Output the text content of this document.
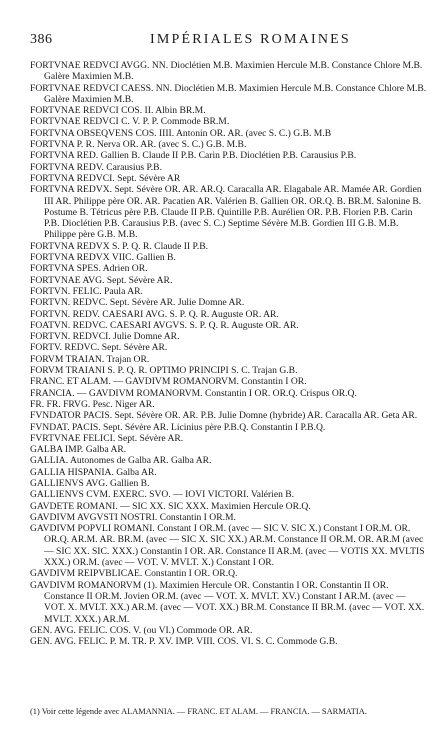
386	IMPÉRIALES ROMAINES
FORTVNAE REDVCI AVGG. NN. Dioclétien M.B. Maximien Hercule M.B. Constance Chlore M.B. Galère Maximien M.B.
FORTVNAE REDVCI CAESS. NN. Dioclétien M.B. Maximien Hercule M.B. Constance Chlore M.B. Galère Maximien M.B.
FORTVNAE REDVCI COS. II. Albin BR.M.
FORTVNAE REDVCI C. V. P. P. Commode BR.M.
FORTVNA OBSEQVENS COS. IIII. Antonin OR. AR. (avec S. C.) G.B. M.B
FORTVNA P. R. Nerva OR. AR. (avec S. C.) G.B. M.B.
FORTVNA RED. Gallien B. Claude II P.B. Carin P.B. Dioclétien P.B. Carausius P.B.
FORTVNA REDV. Carausius P.B.
FORTVNA REDVCI. Sept. Sévère AR
FORTVNA REDVX. Sept. Sévère OR. AR. AR.Q. Caracalla AR. Elagabale AR. Mamée AR. Gordien III AR. Philippe père OR. AR. Pacatien AR. Valérien B. Gallien OR. OR.Q. B. BR.M. Salonine B. Postume B. Tétricus père P.B. Claude II P.B. Quintille P.B. Aurélien OR. P.B. Florien P.B. Carin P.B. Dioclétien P.B. Carausius P.B. (avec S. C.) Septime Sévère M.B. Gordien III G.B. M.B. Philippe père G.B. M.B.
FORTVNA REDVX S. P. Q. R. Claude II P.B.
FORTVNA REDVX VIIC. Gallien B.
FORTVNA SPES. Adrien OR.
FORTVNAE AVG. Sept. Sévère AR.
FORTVN. FELIC. Paula AR.
FORTVN. REDVC. Sept. Sévère AR. Julie Domne AR.
FORTVN. REDV. CAESARI AVG. S. P. Q. R. Auguste OR. AR.
FOATVN. REDVC. CAESARI AVGVS. S. P. Q. R. Auguste OR. AR.
FORTVN. REDVCI. Julie Domne AR.
FORTV. REDVC. Sept. Sévère AR.
FORVM TRAIAN. Trajan OR.
FORVM TRAIANI S. P. Q. R. OPTIMO PRINCIPI S. C. Trajan G.B.
FRANC. ET ALAM. — GAVDIVM ROMANORVM. Constantin I OR.
FRANCIA. — GAVDIVM ROMANORVM. Constantin I OR. OR.Q. Crispus OR.Q.
FR. FR. FRVG. Pesc. Niger AR.
FVNDATOR PACIS. Sept. Sévère OR. AR. P.B. Julie Domne (hybride) AR. Caracalla AR. Geta AR.
FVNDAT. PACIS. Sept. Sévère AR. Licinius père P.B.Q. Constantin I P.B.Q.
FVRTVNAE FELICI. Sept. Sévère AR.
GALBA IMP. Galba AR.
GALLIA. Autonomes de Galba AR. Galba AR.
GALLIA HISPANIA. Galba AR.
GALLIENVS AVG. Gallien B.
GALLIENVS CVM. EXERC. SVO. — IOVI VICTORI. Valérien B.
GAVDETE ROMANI. — SIC XX. SIC XXX. Maximien Hercule OR.Q.
GAVDIVM AVGVSTI NOSTRI. Constantin I OR.M.
GAVDIVM POPVLI ROMANI. Constant I OR.M. (avec — SIC V. SIC X.) Constant I OR.M. OR. OR.Q. AR.M. AR. BR.M. (avec — SIC X. SIC XX.) AR.M. Constance II OR.M. OR. AR.M (avec — SIC XX. SIC. XXX.) Constantin I OR. AR. Constance II AR.M. (avec — VOTIS XX. MVLTIS XXX.) OR.M. (avec — VOT. V. MVLT. X.) Constant I OR.
GAVDIVM REIPVBLICAE. Constantin I OR. OR.Q.
GAVDIVM ROMANORVM (1). Maximien Hercule OR. Constantin I OR. Constantin II OR. Constance II OR.M. Jovien OR.M. (avec — VOT. X. MVLT. XV.) Constant I AR.M. (avec — VOT. X. MVLT. XX.) AR.M. (avec — VOT. XX.) BR.M. Constance II BR.M. (avec — VOT. XX. MVLT. XXX.) AR.M.
GEN. AVG. FELIC. COS. V. (ou VI.) Commode OR. AR.
GEN. AVG. FELIC. P. M. TR. P. XV. IMP. VIII. COS. VI. S. C. Commode G.B.
(1) Voir cette légende avec ALAMANNIA. — FRANC. ET ALAM. — FRANCIA. — SARMATIA.
